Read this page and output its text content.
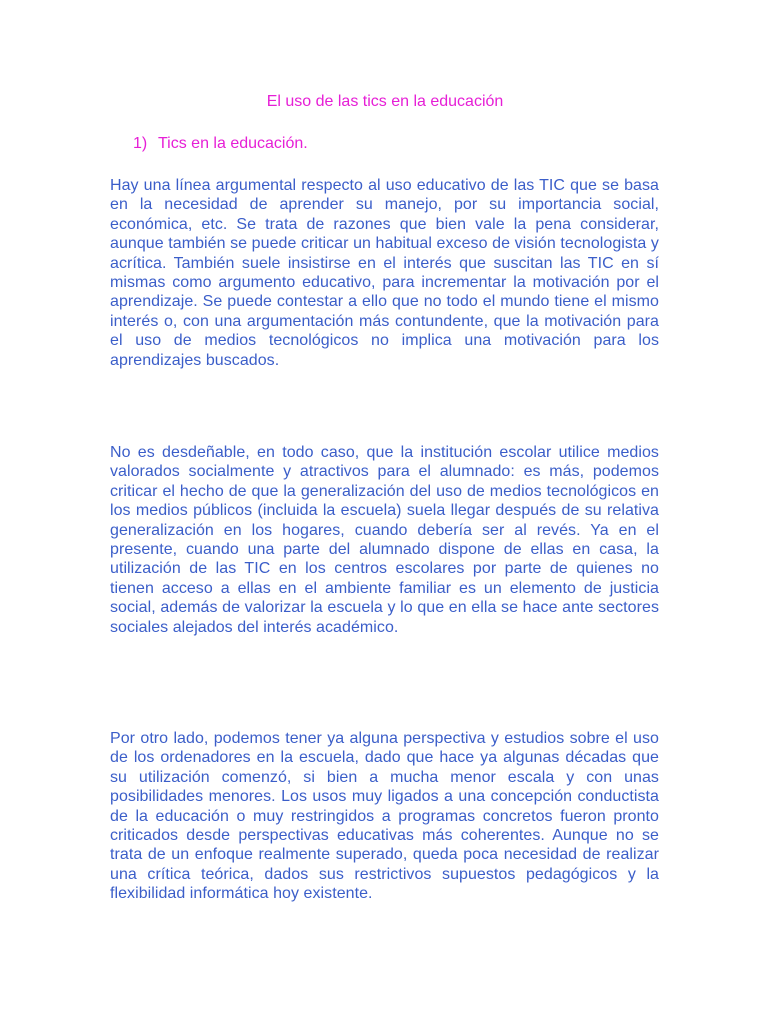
El uso de las tics en la educación
1) Tics en la educación.

Hay una línea argumental respecto al uso educativo de las TIC que se basa en la necesidad de aprender su manejo, por su importancia social, económica, etc. Se trata de razones que bien vale la pena considerar, aunque también se puede criticar un habitual exceso de visión tecnologista y acrítica. También suele insistirse en el interés que suscitan las TIC en sí mismas como argumento educativo, para incrementar la motivación por el aprendizaje. Se puede contestar a ello que no todo el mundo tiene el mismo interés o, con una argumentación más contundente, que la motivación para el uso de medios tecnológicos no implica una motivación para los aprendizajes buscados.

No es desdeñable, en todo caso, que la institución escolar utilice medios valorados socialmente y atractivos para el alumnado: es más, podemos criticar el hecho de que la generalización del uso de medios tecnológicos en los medios públicos (incluida la escuela) suela llegar después de su relativa generalización en los hogares, cuando debería ser al revés. Ya en el presente, cuando una parte del alumnado dispone de ellas en casa, la utilización de las TIC en los centros escolares por parte de quienes no tienen acceso a ellas en el ambiente familiar es un elemento de justicia social, además de valorizar la escuela y lo que en ella se hace ante sectores sociales alejados del interés académico.

Por otro lado, podemos tener ya alguna perspectiva y estudios sobre el uso de los ordenadores en la escuela, dado que hace ya algunas décadas que su utilización comenzó, si bien a mucha menor escala y con unas posibilidades menores. Los usos muy ligados a una concepción conductista de la educación o muy restringidos a programas concretos fueron pronto criticados desde perspectivas educativas más coherentes. Aunque no se trata de un enfoque realmente superado, queda poca necesidad de realizar una crítica teórica, dados sus restrictivos supuestos pedagógicos y la flexibilidad informática hoy existente.
